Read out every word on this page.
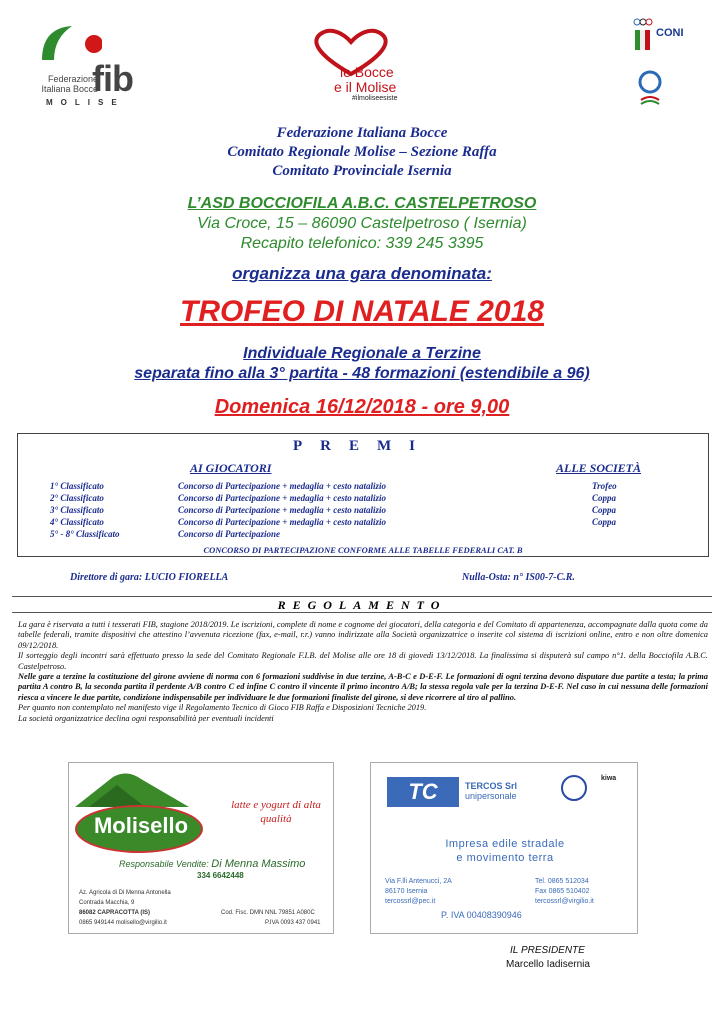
fib
Federazione Italiana Bocce
MOLISE
le Bocce
e il Molise
#ilmoliseesiste
CONI
Federazione Italiana Bocce
Comitato Regionale Molise – Sezione Raffa
Comitato Provinciale Isernia
L’ASD BOCCIOFILA A.B.C. CASTELPETROSO
Via Croce, 15 – 86090 Castelpetroso ( Isernia)
Recapito telefonico: 339 245 3395
organizza una gara denominata:
TROFEO DI NATALE 2018
Individuale Regionale a Terzine
separata fino alla 3° partita - 48 formazioni (estendibile a 96)
Domenica 16/12/2018 - ore 9,00
PREMI
AI GIOCATORI	ALLE SOCIETÀ
1° Classificato	Concorso di Partecipazione + medaglia + cesto natalizio	Trofeo
2° Classificato	Concorso di Partecipazione + medaglia + cesto natalizio	Coppa
3° Classificato	Concorso di Partecipazione + medaglia + cesto natalizio	Coppa
4° Classificato	Concorso di Partecipazione + medaglia + cesto natalizio	Coppa
5° - 8° Classificato	Concorso di Partecipazione
CONCORSO DI PARTECIPAZIONE CONFORME ALLE TABELLE FEDERALI CAT. B
Direttore di gara: LUCIO FIORELLA	Nulla-Osta: n° IS00-7-C.R.
REGOLAMENTO

La gara è riservata a tutti i tesserati FIB, stagione 2018/2019. Le iscrizioni, complete di nome e cognome dei giocatori, della categoria e del Comitato di appartenenza, accompagnate dalla quota come da tabelle federali, tramite dispositivi che attestino l’avvenuta ricezione (fax, e-mail, r.r.) vanno indirizzate alla Società organizzatrice o inserite col sistema di iscrizioni online, entro e non oltre domenica 09/12/2018.

Il sorteggio degli incontri sarà effettuato presso la sede del Comitato Regionale F.I.B. del Molise alle ore 18 di giovedì 13/12/2018. La finalissima si disputerà sul campo n°1. della Bocciofila A.B.C. Castelpetroso.

Nelle gare a terzine la costituzione del girone avviene di norma con 6 formazioni suddivise in due terzine, A-B-C e D-E-F. Le formazioni di ogni terzina devono disputare due partite a testa; la prima partita A contro B, la seconda partita il perdente A/B contro C ed infine C contro il vincente il primo incontro A/B; la stessa regola vale per la terzina D-E-F. Nel caso in cui nessuna delle formazioni riesca a vincere le due partite, condizione indispensabile per individuare le due formazioni finaliste del girone, si deve ricorrere al tiro al pallino.

Per quanto non contemplato nel manifesto vige il Regolamento Tecnico di Gioco FIB Raffa e Disposizioni Tecniche 2019.

La società organizzatrice declina ogni responsabilità per eventuali incidenti

Molisello
latte e yogurt di alta qualità
Responsabile Vendite: Di Menna Massimo
334 6642448
Az. Agricola di Di Menna Antonella
Contrada Macchia, 9
86082 CAPRACOTTA (IS)
0865 949144 molisello@virgilio.it
Cod. Fisc. DMN NNL 79851 A080C
P.IVA 0093 437 0941
TC	TERCOS Srl
unipersonale
kiwa
Impresa edile stradale
e movimento terra
Via F.lli Antenucci, 2A
86170 Isernia
tercossrl@pec.it
Tel. 0865 512034
Fax 0865 510402
tercossrl@virgilio.it
P. IVA 00408390946
IL PRESIDENTE
Marcello Iadisernia
